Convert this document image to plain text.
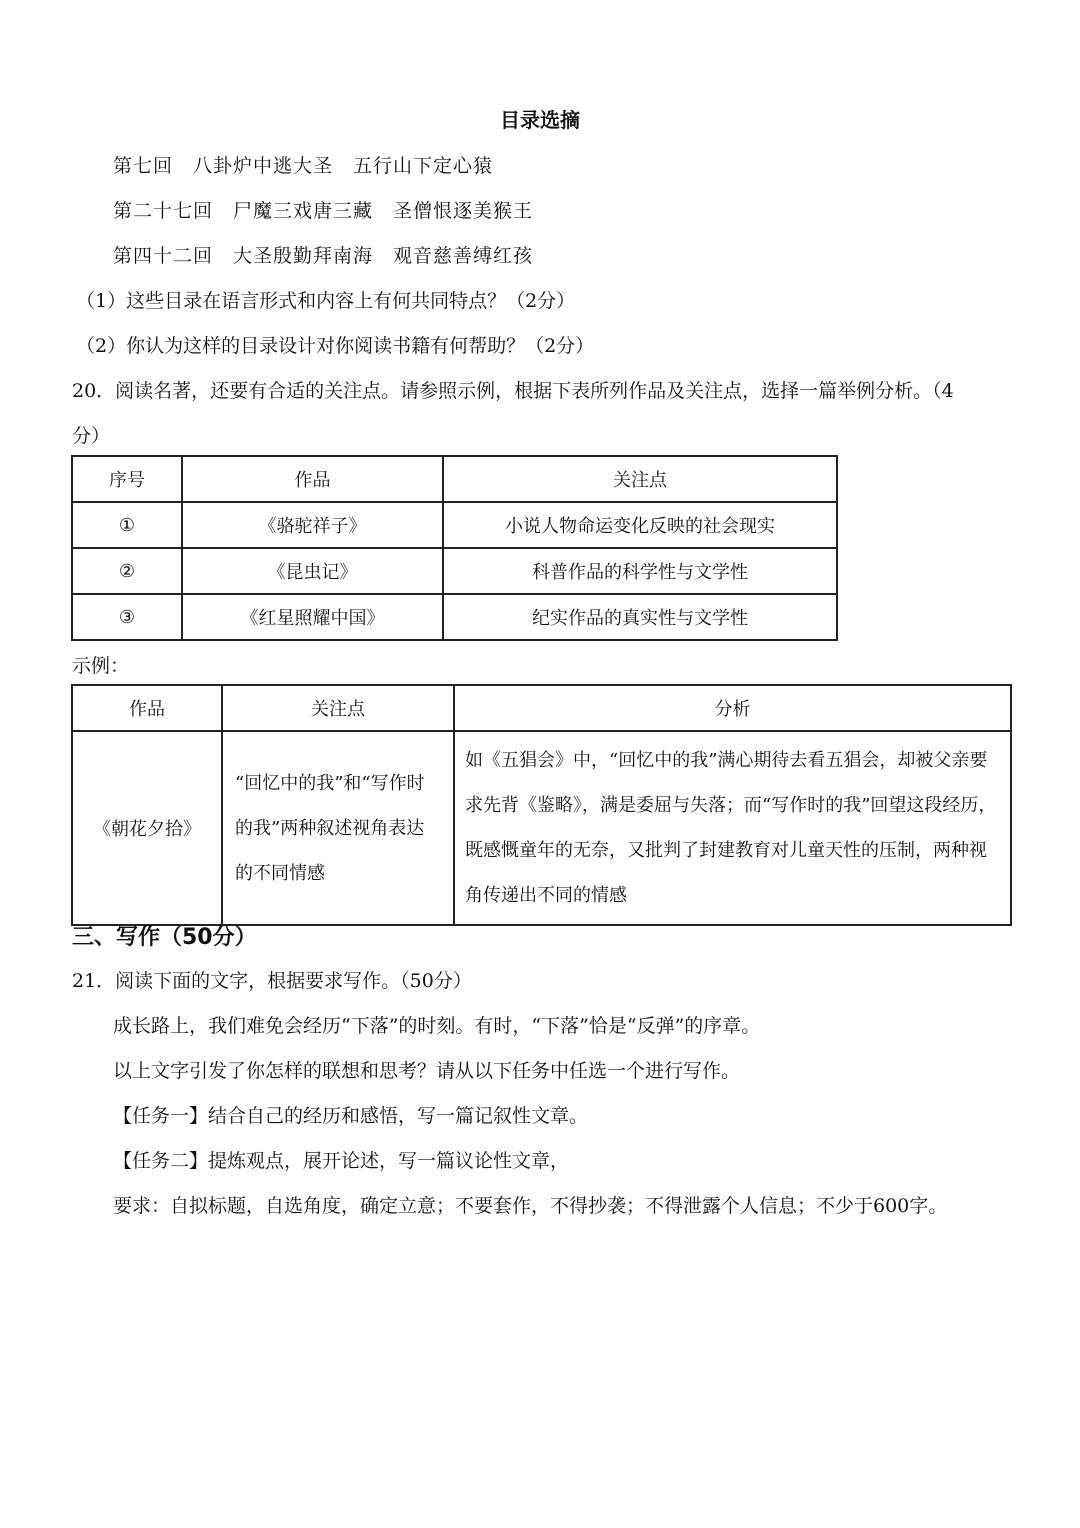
目录选摘
第七回　八卦炉中逃大圣　五行山下定心猿
第二十七回　尸魔三戏唐三藏　圣僧恨逐美猴王
第四十二回　大圣殷勤拜南海　观音慈善缚红孩
（1）这些目录在语言形式和内容上有何共同特点？（2分）
（2）你认为这样的目录设计对你阅读书籍有何帮助？（2分）
20．阅读名著，还要有合适的关注点。请参照示例，根据下表所列作品及关注点，选择一篇举例分析。（4
分）
序号	作品	关注点
①	《骆驼祥子》	小说人物命运变化反映的社会现实
②	《昆虫记》	科普作品的科学性与文学性
③	《红星照耀中国》	纪实作品的真实性与文学性
示例：
作品	关注点	分析
《朝花夕拾》	“回忆中的我”和“写作时的我”两种叙述视角表达的不同情感	如《五猖会》中，“回忆中的我”满心期待去看五猖会，却被父亲要求先背《鉴略》，满是委屈与失落；而“写作时的我”回望这段经历，既感慨童年的无奈，又批判了封建教育对儿童天性的压制，两种视角传递出不同的情感
三、写作（50分）
21．阅读下面的文字，根据要求写作。（50分）
成长路上，我们难免会经历“下落”的时刻。有时，“下落”恰是“反弹”的序章。
以上文字引发了你怎样的联想和思考？请从以下任务中任选一个进行写作。
【任务一】结合自己的经历和感悟，写一篇记叙性文章。
【任务二】提炼观点，展开论述，写一篇议论性文章，
要求：自拟标题，自选角度，确定立意；不要套作，不得抄袭；不得泄露个人信息；不少于600字。
